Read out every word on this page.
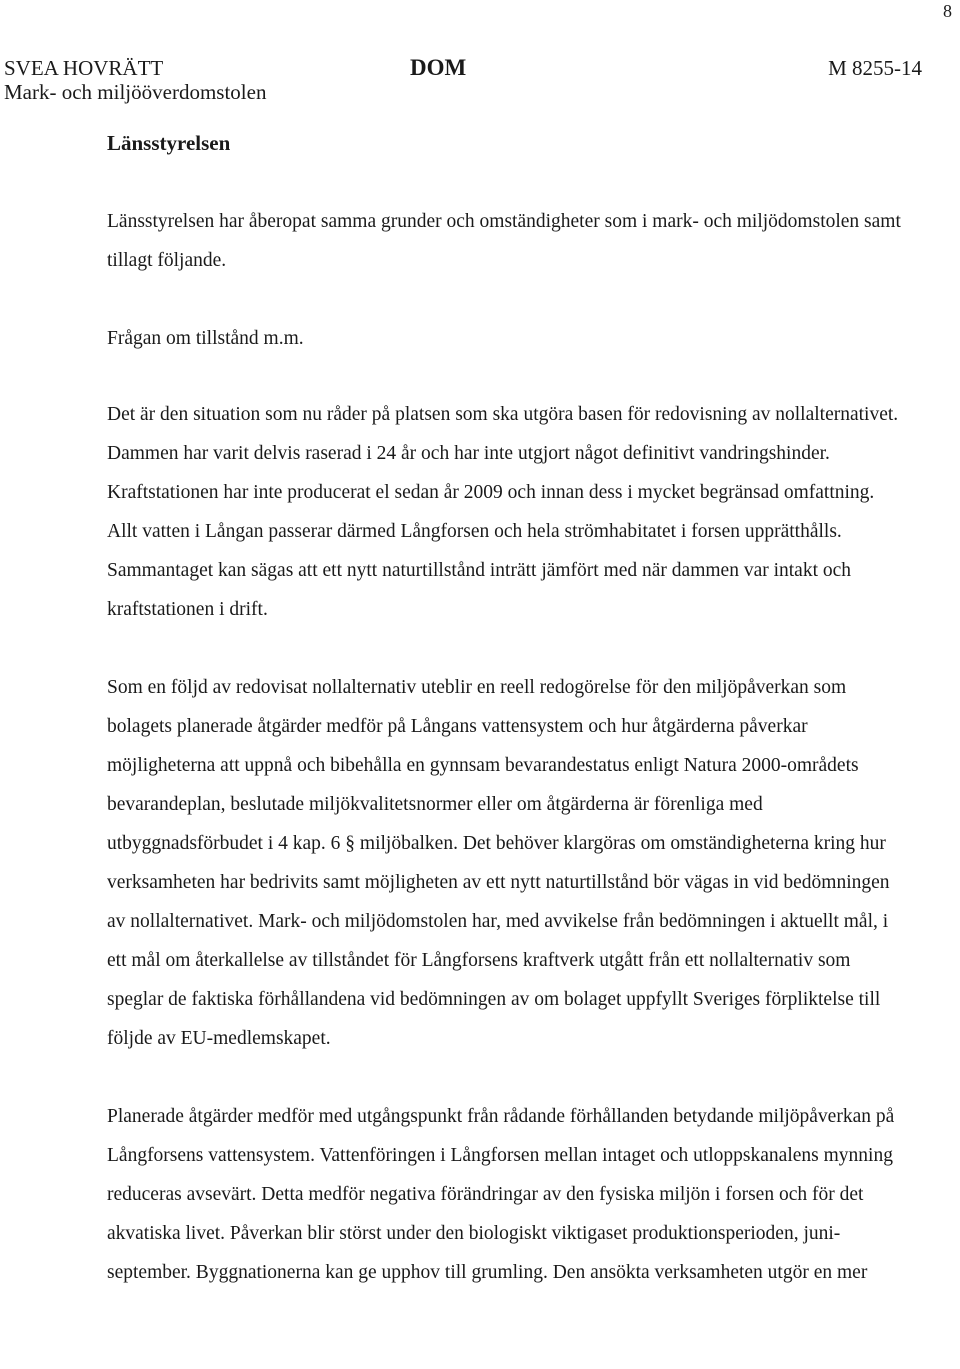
8
SVEA HOVRÄTT
Mark- och miljööverdomstolen
DOM	M 8255-14
Länsstyrelsen

Länsstyrelsen har åberopat samma grunder och omständigheter som i mark- och miljödomstolen samt tillagt följande.

Frågan om tillstånd m.m.

Det är den situation som nu råder på platsen som ska utgöra basen för redovisning av nollalternativet. Dammen har varit delvis raserad i 24 år och har inte utgjort något definitivt vandringshinder. Kraftstationen har inte producerat el sedan år 2009 och innan dess i mycket begränsad omfattning. Allt vatten i Långan passerar därmed Långforsen och hela strömhabitatet i forsen upprätthålls. Sammantaget kan sägas att ett nytt naturtillstånd inträtt jämfört med när dammen var intakt och kraftstationen i drift.

Som en följd av redovisat nollalternativ uteblir en reell redogörelse för den miljöpåverkan som bolagets planerade åtgärder medför på Långans vattensystem och hur åtgärderna påverkar möjligheterna att uppnå och bibehålla en gynnsam bevarandestatus enligt Natura 2000-områdets bevarandeplan, beslutade miljökvalitetsnormer eller om åtgärderna är förenliga med utbyggnadsförbudet i 4 kap. 6 § miljöbalken. Det behöver klargöras om omständigheterna kring hur verksamheten har bedrivits samt möjligheten av ett nytt naturtillstånd bör vägas in vid bedömningen av nollalternativet. Mark- och miljödomstolen har, med avvikelse från bedömningen i aktuellt mål, i ett mål om återkallelse av tillståndet för Långforsens kraftverk utgått från ett nollalternativ som speglar de faktiska förhållandena vid bedömningen av om bolaget uppfyllt Sveriges förpliktelse till följde av EU-medlemskapet.

Planerade åtgärder medför med utgångspunkt från rådande förhållanden betydande miljöpåverkan på Långforsens vattensystem. Vattenföringen i Långforsen mellan intaget och utloppskanalens mynning reduceras avsevärt. Detta medför negativa förändringar av den fysiska miljön i forsen och för det akvatiska livet. Påverkan blir störst under den biologiskt viktigaset produktionsperioden, juni-september. Byggnationerna kan ge upphov till grumling. Den ansökta verksamheten utgör en mer
